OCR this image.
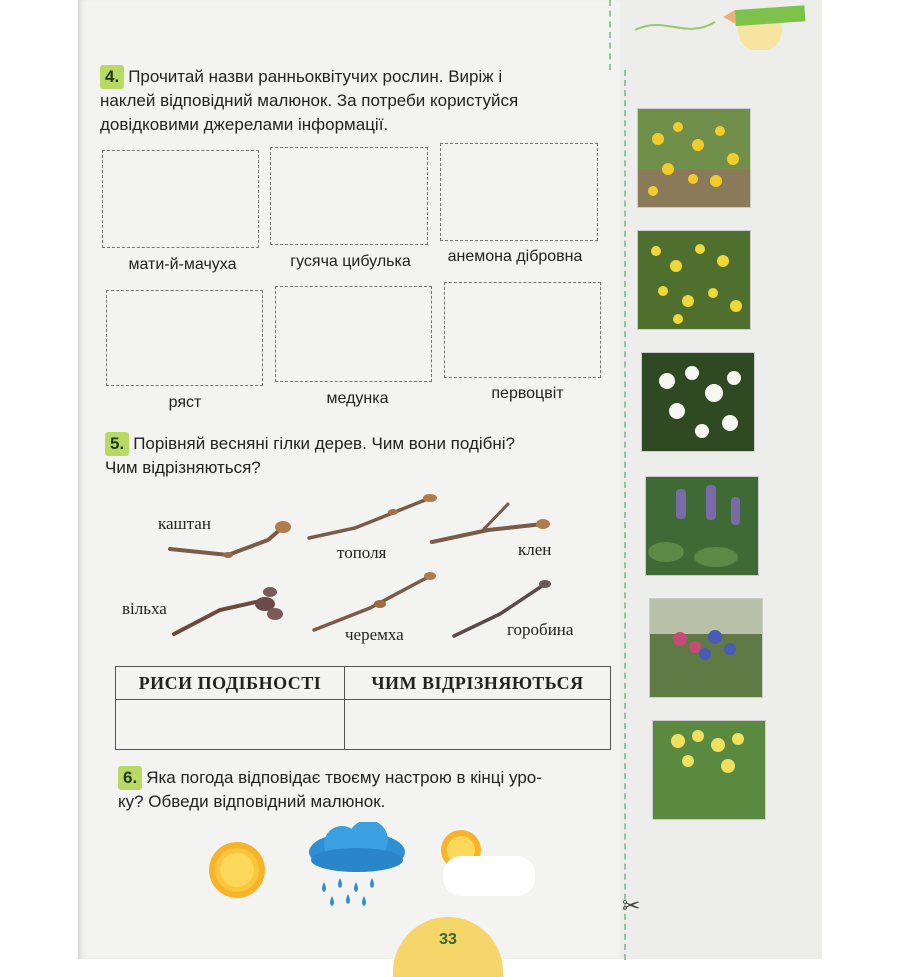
4. Прочитай назви ранньоквітучих рослин. Виріж і
наклей відповідний малюнок. За потреби користуйся
довідковими джерелами інформації.
мати-й-мачуха	гусяча цибулька	анемона дібровна
ряст	медунка	первоцвіт
5. Порівняй весняні гілки дерев. Чим вони подібні?
Чим відрізняються?
каштан
тополя	клен
вільха
черемха	горобина
РИСИ ПОДІБНОСТІ	ЧИМ ВІДРІЗНЯЮТЬСЯ

6. Яка погода відповідає твоєму настрою в кінці уро-
ку? Обведи відповідний малюнок.
33
✂
